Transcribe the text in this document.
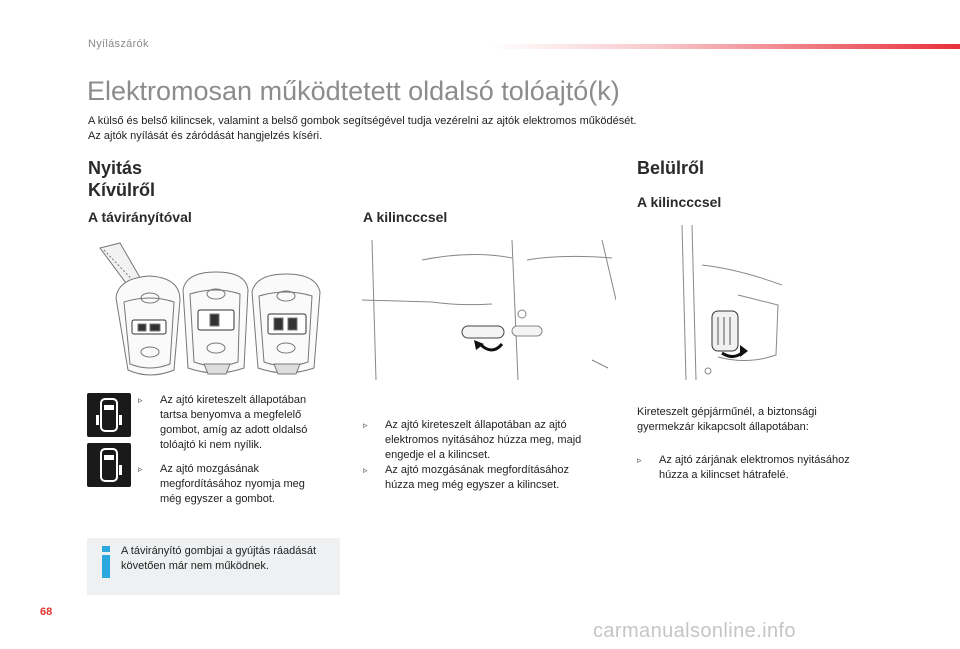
Nyílászárók
Elektromosan működtetett oldalsó tolóajtó(k)
A külső és belső kilincsek, valamint a belső gombok segítségével tudja vezérelni az ajtók elektromos működését.
Az ajtók nyílását és záródását hangjelzés kíséri.
Nyitás
Kívülről
A távirányítóval
▹ Az ajtó kireteszelt állapotában
tartsa benyomva a megfelelő
gombot, amíg az adott oldalsó
tolóajtó ki nem nyílik.
▹ Az ajtó mozgásának
megfordításához nyomja meg
még egyszer a gombot.
A távirányító gombjai a gyújtás ráadását
követően már nem működnek.
A kilincccsel
▹ Az ajtó kireteszelt állapotában az ajtó
elektromos nyitásához húzza meg, majd
engedje el a kilincset.
▹ Az ajtó mozgásának megfordításához
húzza meg még egyszer a kilincset.
Belülről
A kilincccsel
Kireteszelt gépjárműnél, a biztonsági
gyermekzár kikapcsolt állapotában:
▹ Az ajtó zárjának elektromos nyitásához
húzza a kilincset hátrafelé.
68
carmanualsonline.info
